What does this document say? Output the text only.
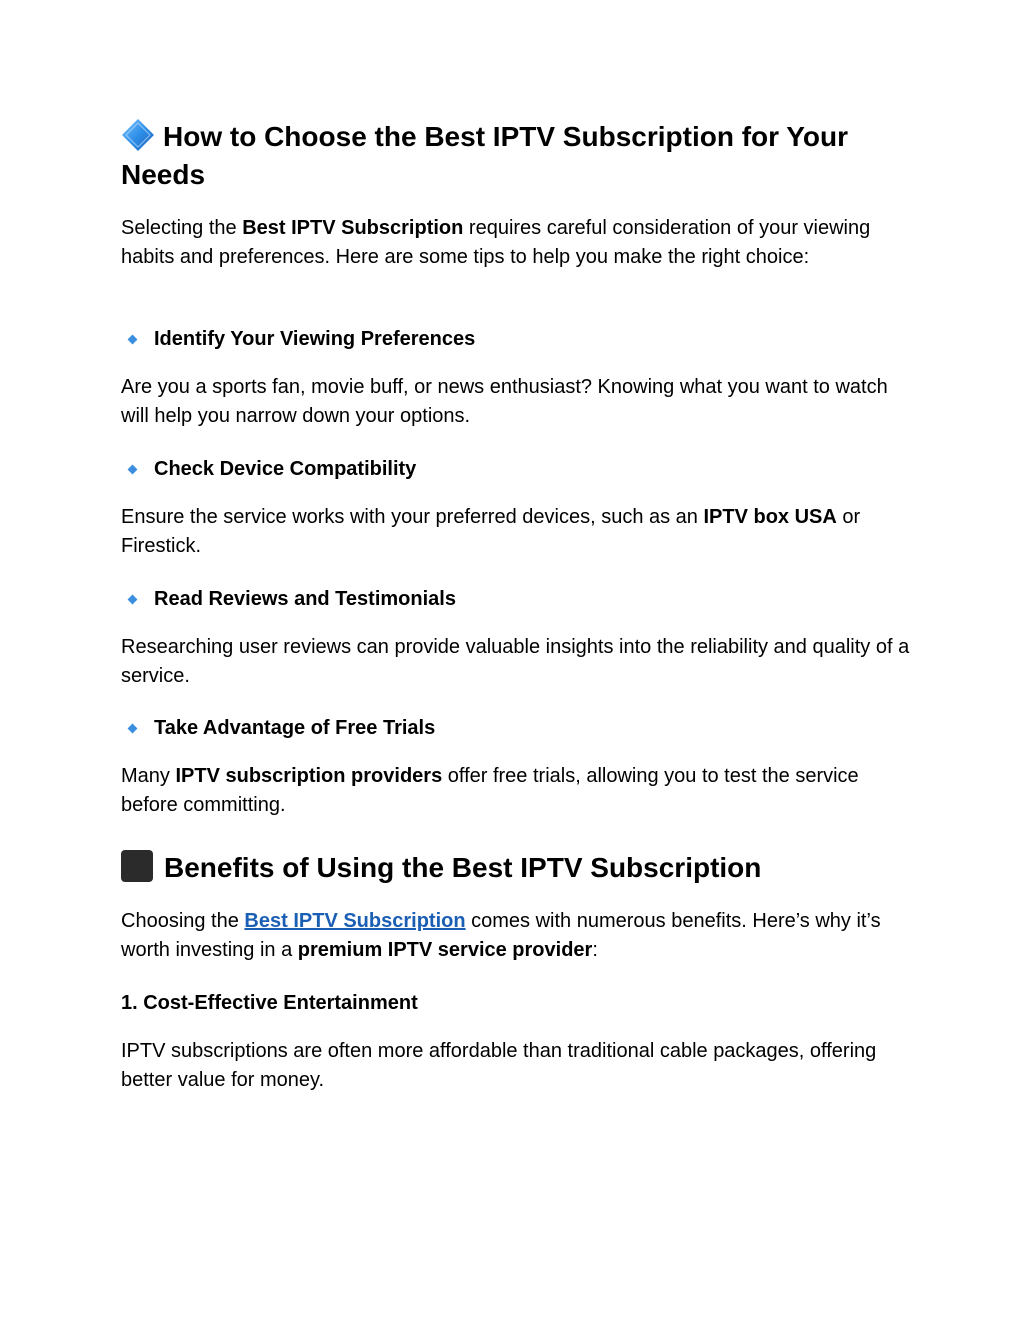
How to Choose the Best IPTV Subscription for Your Needs

Selecting the Best IPTV Subscription requires careful consideration of your viewing habits and preferences. Here are some tips to help you make the right choice:

Identify Your Viewing Preferences

Are you a sports fan, movie buff, or news enthusiast? Knowing what you want to watch will help you narrow down your options.

Check Device Compatibility

Ensure the service works with your preferred devices, such as an IPTV box USA or Firestick.

Read Reviews and Testimonials

Researching user reviews can provide valuable insights into the reliability and quality of a service.

Take Advantage of Free Trials

Many IPTV subscription providers offer free trials, allowing you to test the service before committing.

Benefits of Using the Best IPTV Subscription

Choosing the Best IPTV Subscription comes with numerous benefits. Here’s why it’s worth investing in a premium IPTV service provider:

1. Cost-Effective Entertainment

IPTV subscriptions are often more affordable than traditional cable packages, offering better value for money.
